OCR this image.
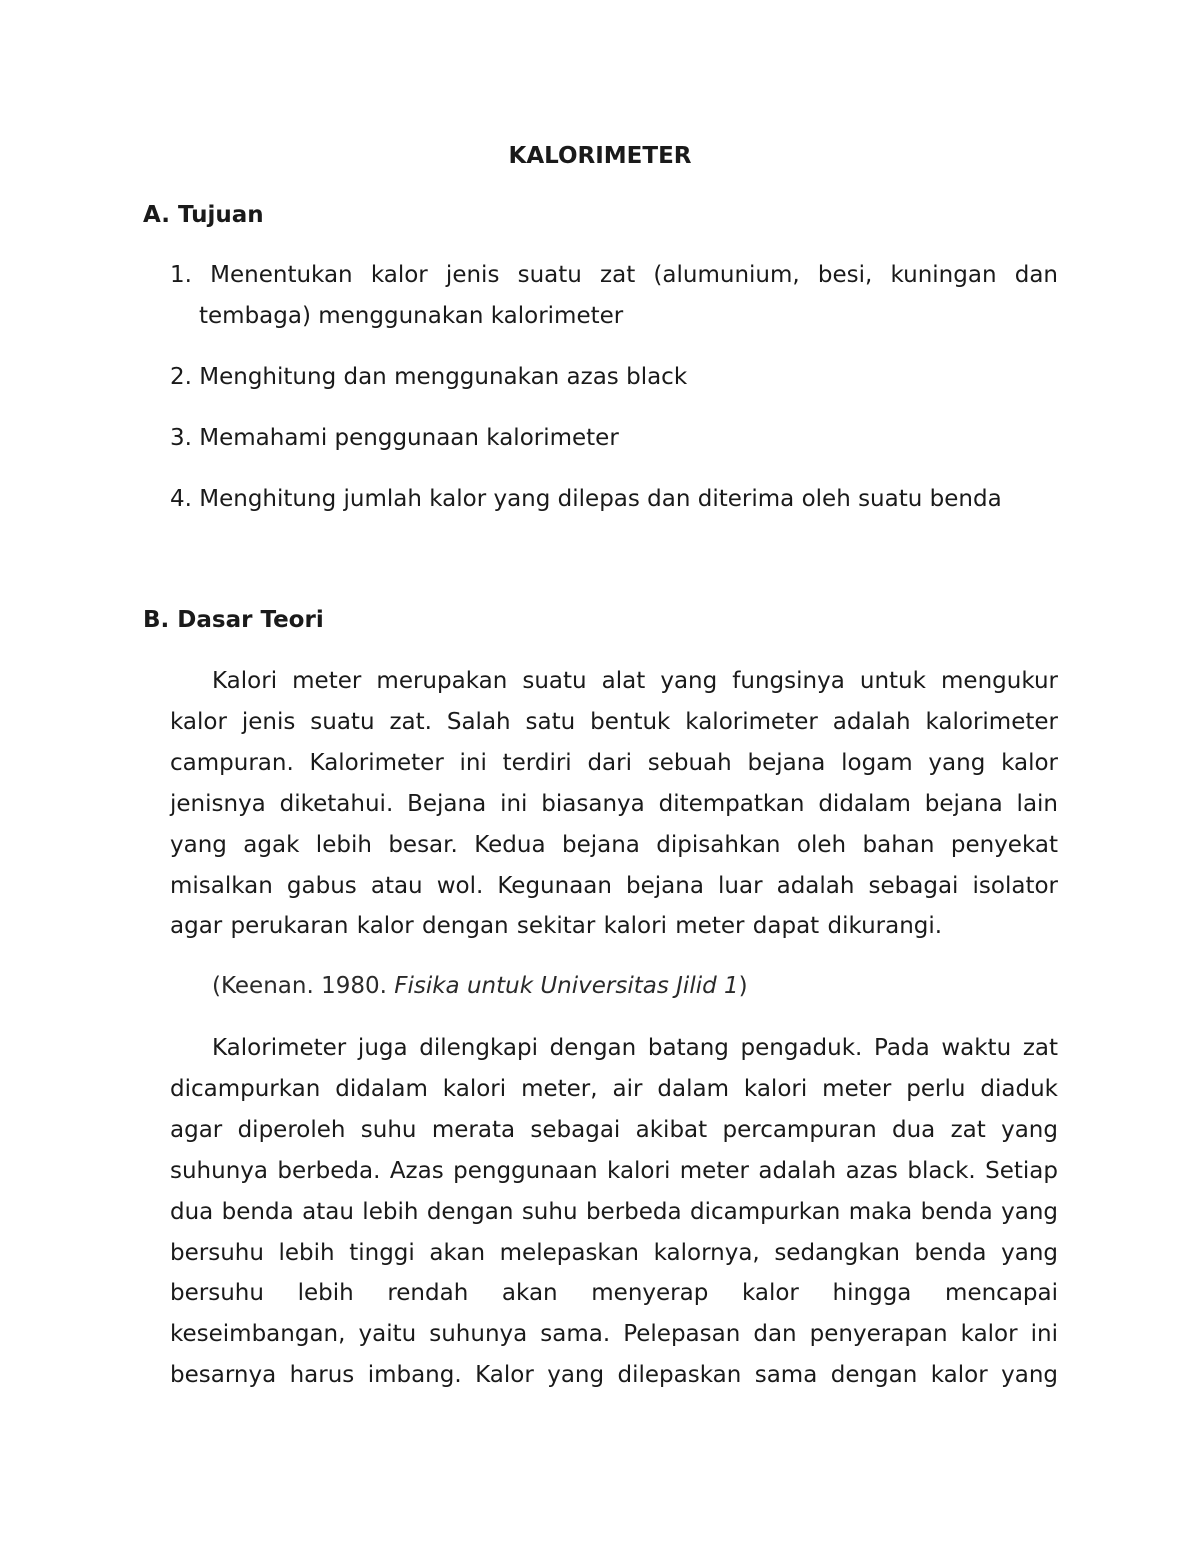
KALORIMETER
A. Tujuan

1. Menentukan kalor jenis suatu zat (alumunium, besi, kuningan dan
tembaga) menggunakan kalorimeter

2. Menghitung dan menggunakan azas black

3. Memahami penggunaan kalorimeter

4. Menghitung jumlah kalor yang dilepas dan diterima oleh suatu benda

B. Dasar Teori

Kalori meter merupakan suatu alat yang fungsinya untuk mengukur kalor jenis suatu zat. Salah satu bentuk kalorimeter adalah kalorimeter campuran. Kalorimeter ini terdiri dari sebuah bejana logam yang kalor jenisnya diketahui. Bejana ini biasanya ditempatkan didalam bejana lain yang agak lebih besar. Kedua bejana dipisahkan oleh bahan penyekat misalkan gabus atau wol. Kegunaan bejana luar adalah sebagai isolator agar perukaran kalor dengan sekitar kalori meter dapat dikurangi.

(Keenan. 1980. Fisika untuk Universitas Jilid 1)

Kalorimeter juga dilengkapi dengan batang pengaduk. Pada waktu zat dicampurkan didalam kalori meter, air dalam kalori meter perlu diaduk agar diperoleh suhu merata sebagai akibat percampuran dua zat yang suhunya berbeda. Azas penggunaan kalori meter adalah azas black. Setiap dua benda atau lebih dengan suhu berbeda dicampurkan maka benda yang bersuhu lebih tinggi akan melepaskan kalornya, sedangkan benda yang bersuhu lebih rendah akan menyerap kalor hingga mencapai keseimbangan, yaitu suhunya sama. Pelepasan dan penyerapan kalor ini besarnya harus imbang. Kalor yang dilepaskan sama dengan kalor yang
